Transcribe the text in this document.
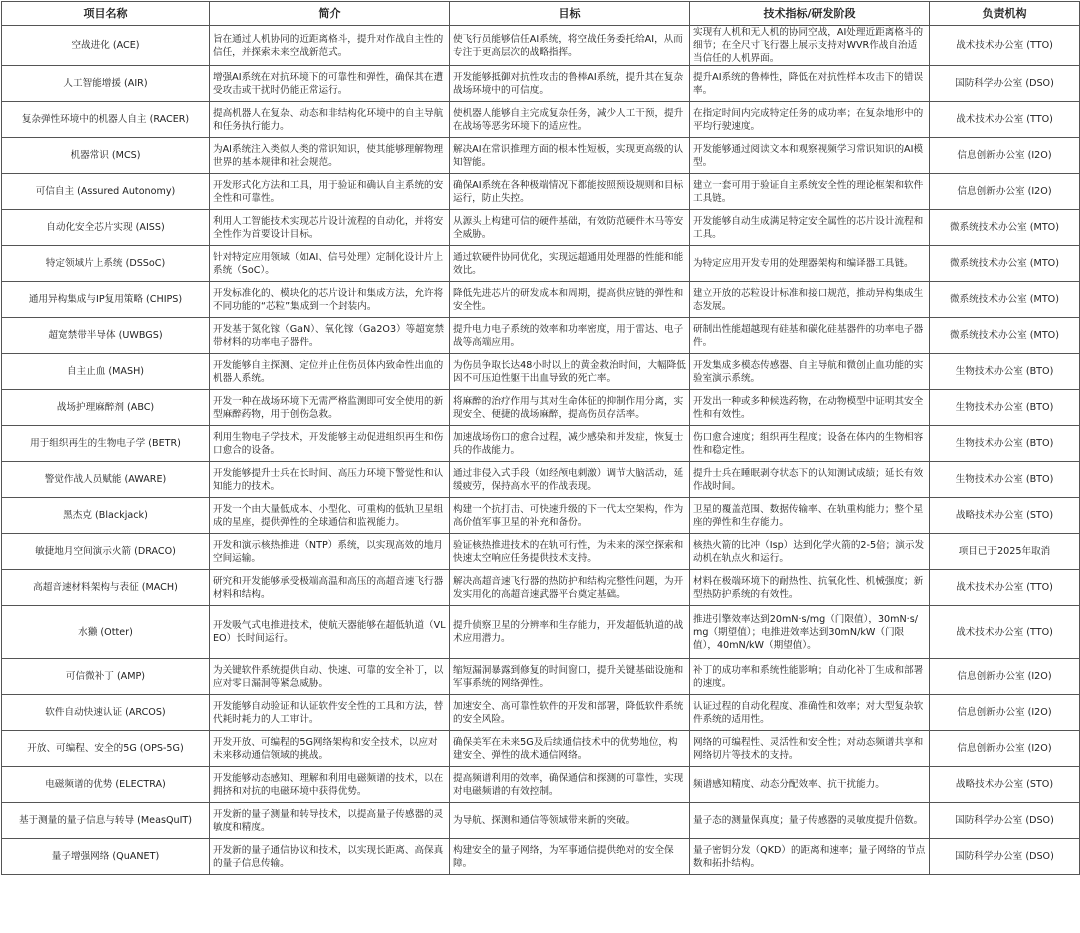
项目名称	简介	目标	技术指标/研发阶段	负责机构
空战进化 (ACE)	旨在通过人机协同的近距离格斗，提升对作战自主性的信任，并探索未来空战新范式。	使飞行员能够信任AI系统，将空战任务委托给AI，从而专注于更高层次的战略指挥。	实现有人机和无人机的协同空战，AI处理近距离格斗的细节；在全尺寸飞行器上展示支持对WVR作战自治适当信任的人机界面。	战术技术办公室 (TTO)
人工智能增援 (AIR)	增强AI系统在对抗环境下的可靠性和弹性，确保其在遭受攻击或干扰时仍能正常运行。	开发能够抵御对抗性攻击的鲁棒AI系统，提升其在复杂战场环境中的可信度。	提升AI系统的鲁棒性，降低在对抗性样本攻击下的错误率。	国防科学办公室 (DSO)
复杂弹性环境中的机器人自主 (RACER)	提高机器人在复杂、动态和非结构化环境中的自主导航和任务执行能力。	使机器人能够自主完成复杂任务，减少人工干预，提升在战场等恶劣环境下的适应性。	在指定时间内完成特定任务的成功率；在复杂地形中的平均行驶速度。	战术技术办公室 (TTO)
机器常识 (MCS)	为AI系统注入类似人类的常识知识，使其能够理解物理世界的基本规律和社会规范。	解决AI在常识推理方面的根本性短板，实现更高级的认知智能。	开发能够通过阅读文本和观察视频学习常识知识的AI模型。	信息创新办公室 (I2O)
可信自主 (Assured Autonomy)	开发形式化方法和工具，用于验证和确认自主系统的安全性和可靠性。	确保AI系统在各种极端情况下都能按照预设规则和目标运行，防止失控。	建立一套可用于验证自主系统安全性的理论框架和软件工具链。	信息创新办公室 (I2O)
自动化安全芯片实现 (AISS)	利用人工智能技术实现芯片设计流程的自动化，并将安全性作为首要设计目标。	从源头上构建可信的硬件基础，有效防范硬件木马等安全威胁。	开发能够自动生成满足特定安全属性的芯片设计流程和工具。	微系统技术办公室 (MTO)
特定领域片上系统 (DSSoC)	针对特定应用领域（如AI、信号处理）定制化设计片上系统（SoC）。	通过软硬件协同优化，实现远超通用处理器的性能和能效比。	为特定应用开发专用的处理器架构和编译器工具链。	微系统技术办公室 (MTO)
通用异构集成与IP复用策略 (CHIPS)	开发标准化的、模块化的芯片设计和集成方法，允许将不同功能的“芯粒”集成到一个封装内。	降低先进芯片的研发成本和周期，提高供应链的弹性和安全性。	建立开放的芯粒设计标准和接口规范，推动异构集成生态发展。	微系统技术办公室 (MTO)
超宽禁带半导体 (UWBGS)	开发基于氮化镓（GaN）、氧化镓（Ga2O3）等超宽禁带材料的功率电子器件。	提升电力电子系统的效率和功率密度，用于雷达、电子战等高端应用。	研制出性能超越现有硅基和碳化硅基器件的功率电子器件。	微系统技术办公室 (MTO)
自主止血 (MASH)	开发能够自主探测、定位并止住伤员体内致命性出血的机器人系统。	为伤员争取长达48小时以上的黄金救治时间，大幅降低因不可压迫性躯干出血导致的死亡率。	开发集成多模态传感器、自主导航和微创止血功能的实验室演示系统。	生物技术办公室 (BTO)
战场护理麻醉剂 (ABC)	开发一种在战场环境下无需严格监测即可安全使用的新型麻醉药物，用于创伤急救。	将麻醉的治疗作用与其对生命体征的抑制作用分离，实现安全、便捷的战场麻醉，提高伤员存活率。	开发出一种或多种候选药物，在动物模型中证明其安全性和有效性。	生物技术办公室 (BTO)
用于组织再生的生物电子学 (BETR)	利用生物电子学技术，开发能够主动促进组织再生和伤口愈合的设备。	加速战场伤口的愈合过程，减少感染和并发症，恢复士兵的作战能力。	伤口愈合速度；组织再生程度；设备在体内的生物相容性和稳定性。	生物技术办公室 (BTO)
警觉作战人员赋能 (AWARE)	开发能够提升士兵在长时间、高压力环境下警觉性和认知能力的技术。	通过非侵入式手段（如经颅电刺激）调节大脑活动，延缓疲劳，保持高水平的作战表现。	提升士兵在睡眠剥夺状态下的认知测试成绩；延长有效作战时间。	生物技术办公室 (BTO)
黑杰克 (Blackjack)	开发一个由大量低成本、小型化、可重构的低轨卫星组成的星座，提供弹性的全球通信和监视能力。	构建一个抗打击、可快速升级的下一代太空架构，作为高价值军事卫星的补充和备份。	卫星的覆盖范围、数据传输率、在轨重构能力；整个星座的弹性和生存能力。	战略技术办公室 (STO)
敏捷地月空间演示火箭 (DRACO)	开发和演示核热推进（NTP）系统，以实现高效的地月空间运输。	验证核热推进技术的在轨可行性，为未来的深空探索和快速太空响应任务提供技术支持。	核热火箭的比冲（Isp）达到化学火箭的2-5倍；演示发动机在轨点火和运行。	项目已于2025年取消
高超音速材料架构与表征 (MACH)	研究和开发能够承受极端高温和高压的高超音速飞行器材料和结构。	解决高超音速飞行器的热防护和结构完整性问题，为开发实用化的高超音速武器平台奠定基础。	材料在极端环境下的耐热性、抗氧化性、机械强度；新型热防护系统的有效性。	战术技术办公室 (TTO)
水獭 (Otter)	开发吸气式电推进技术，使航天器能够在超低轨道（VLEO）长时间运行。	提升侦察卫星的分辨率和生存能力，开发超低轨道的战术应用潜力。	推进引擎效率达到20mN·s/mg（门限值），30mN·s/mg（期望值）；电推进效率达到30mN/kW（门限值），40mN/kW（期望值）。	战术技术办公室 (TTO)
可信微补丁 (AMP)	为关键软件系统提供自动、快速、可靠的安全补丁，以应对零日漏洞等紧急威胁。	缩短漏洞暴露到修复的时间窗口，提升关键基础设施和军事系统的网络弹性。	补丁的成功率和系统性能影响；自动化补丁生成和部署的速度。	信息创新办公室 (I2O)
软件自动快速认证 (ARCOS)	开发能够自动验证和认证软件安全性的工具和方法，替代耗时耗力的人工审计。	加速安全、高可靠性软件的开发和部署，降低软件系统的安全风险。	认证过程的自动化程度、准确性和效率；对大型复杂软件系统的适用性。	信息创新办公室 (I2O)
开放、可编程、安全的5G (OPS-5G)	开发开放、可编程的5G网络架构和安全技术，以应对未来移动通信领域的挑战。	确保美军在未来5G及后续通信技术中的优势地位，构建安全、弹性的战术通信网络。	网络的可编程性、灵活性和安全性；对动态频谱共享和网络切片等技术的支持。	信息创新办公室 (I2O)
电磁频谱的优势 (ELECTRA)	开发能够动态感知、理解和利用电磁频谱的技术，以在拥挤和对抗的电磁环境中获得优势。	提高频谱利用的效率，确保通信和探测的可靠性，实现对电磁频谱的有效控制。	频谱感知精度、动态分配效率、抗干扰能力。	战略技术办公室 (STO)
基于测量的量子信息与转导 (MeasQuIT)	开发新的量子测量和转导技术，以提高量子传感器的灵敏度和精度。	为导航、探测和通信等领域带来新的突破。	量子态的测量保真度；量子传感器的灵敏度提升倍数。	国防科学办公室 (DSO)
量子增强网络 (QuANET)	开发新的量子通信协议和技术，以实现长距离、高保真的量子信息传输。	构建安全的量子网络，为军事通信提供绝对的安全保障。	量子密钥分发（QKD）的距离和速率；量子网络的节点数和拓扑结构。	国防科学办公室 (DSO)
